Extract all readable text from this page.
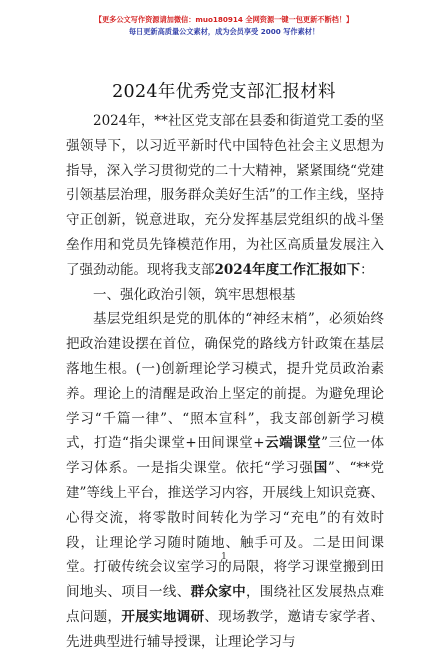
【更多公文写作资源请加微信：muo180914 全网资源一键一包更新不断档！】
每日更新高质量公文素材，成为会员享受 2000 写作素材！
2024年优秀党支部汇报材料

2024年，**社区党支部在县委和街道党工委的坚强领导下，以习近平新时代中国特色社会主义思想为指导，深入学习贯彻党的二十大精神，紧紧围绕“党建引领基层治理，服务群众美好生活”的工作主线，坚持守正创新，锐意进取，充分发挥基层党组织的战斗堡垒作用和党员先锋模范作用，为社区高质量发展注入了强劲动能。现将我支部2024年度工作汇报如下：

一、强化政治引领，筑牢思想根基

基层党组织是党的肌体的“神经末梢”，必须始终把政治建设摆在首位，确保党的路线方针政策在基层落地生根。(一)创新理论学习模式，提升党员政治素养。理论上的清醒是政治上坚定的前提。为避免理论学习“千篇一律”、“照本宣科”，我支部创新学习模式，打造“指尖课堂+田间课堂+云端课堂”三位一体学习体系。一是指尖课堂。依托“学习强国”、“**党建”等线上平台，推送学习内容，开展线上知识竞赛、心得交流，将零散时间转化为学习“充电”的有效时段，让理论学习随时随地、触手可及。二是田间课堂。打破传统会议室学习的局限，将学习课堂搬到田间地头、项目一线、群众家中，围绕社区发展热点难点问题，开展实地调研、现场教学，邀请专家学者、先进典型进行辅导授课，让理论学习与

1
